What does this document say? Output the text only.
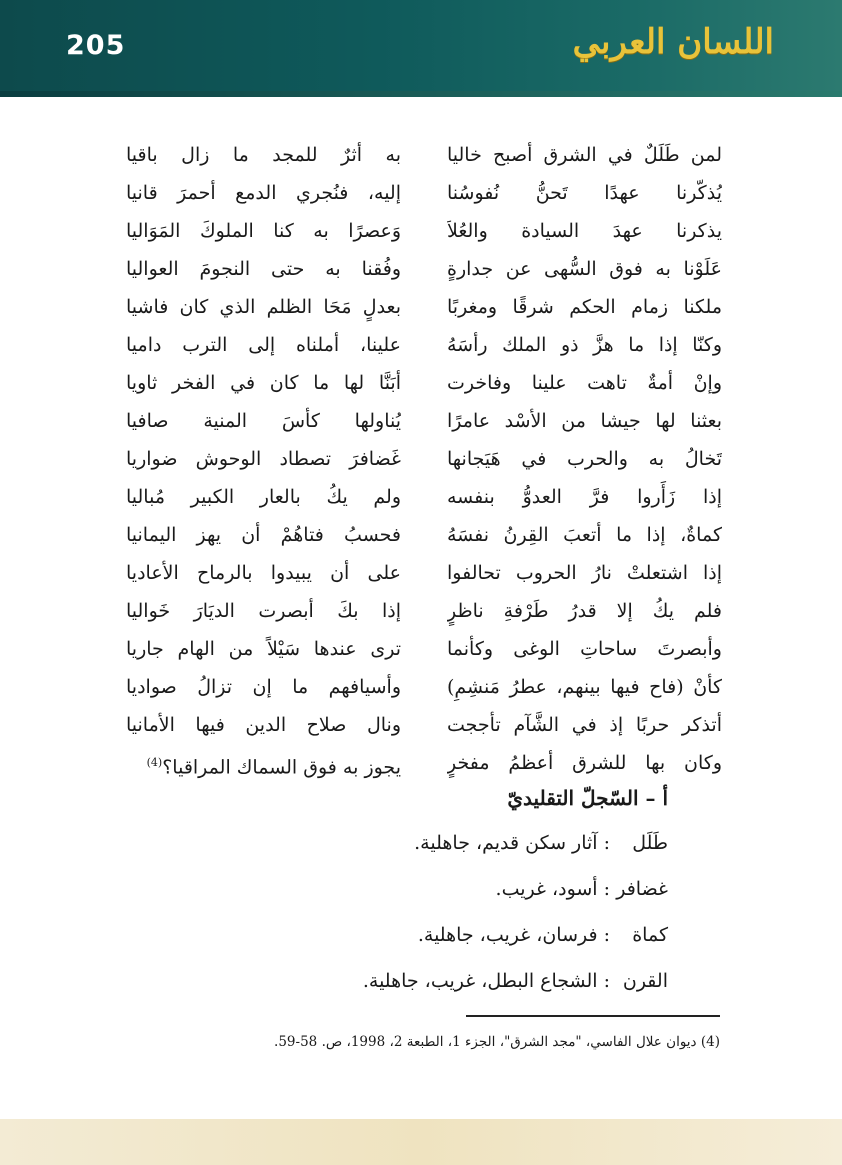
205	اللسان العربي
لمن طَلَلٌ في الشرق أصبح خاليا
يُذكّرنا عهدًا تَحنُّ نُفوسُنا
يذكرنا عهدَ السيادة والعُلاَ
عَلَوْنا به فوق السُّهى عن جدارةٍ
ملكنا زمام الحكم شرقًا ومغربًا
وكنّا إذا ما هزَّ ذو الملك رأسَهُ
وإنْ أمةٌ تاهت علينا وفاخرت
بعثنا لها جيشا من الأسْد عامرًا
تَخالُ به والحرب في هَيَجانها
إذا زَأَروا فرَّ العدوُّ بنفسه
كماةٌ، إذا ما أتعبَ القِرنُ نفسَهُ
إذا اشتعلتْ نارُ الحروب تحالفوا
فلم يكُ إلا قدرُ طَرْفةِ ناظرٍ
وأبصرتَ ساحاتِ الوغى وكأنما
كأنْ (فاح فيها بينهم، عطرُ مَنشِمِ)
أتذكر حربًا إذ في الشَّآم تأججت
وكان بها للشرق أعظمُ مفخرٍ
به أثرٌ للمجد ما زال باقيا
إليه، فنُجري الدمع أحمرَ قانيا
وَعصرًا به كنا الملوكَ المَوَاليا
وفُقنا به حتى النجومَ العواليا
بعدلٍ مَحَا الظلم الذي كان فاشيا
علينا، أملناه إلى الترب داميا
أبَنَّا لها ما كان في الفخر ثاويا
يُناولها كأسَ المنية صافيا
غَضافرَ تصطاد الوحوش ضواريا
ولم يكُ بالعار الكبير مُباليا
فحسبُ فتاهُمْ أن يهز اليمانيا
على أن يبيدوا بالرماح الأعاديا
إذا بكَ أبصرت الديَارَ خَواليا
ترى عندها سَيْلاً من الهام جاريا
وأسيافهم ما إن تزالُ صواديا
ونال صلاح الدين فيها الأمانيا
يجوز به فوق السماك المراقيا؟$^{(4)}$
أ – السّجلّ التقليديّ
طَلَل:آثار سكن قديم، جاهلية.
غضافر:أسود، غريب.
كماة:فرسان، غريب، جاهلية.
القرن:الشجاع البطل، غريب، جاهلية.
(4) ديوان علال الفاسي، "مجد الشرق"، الجزء 1، الطبعة 2، 1998، ص. 58-59.
